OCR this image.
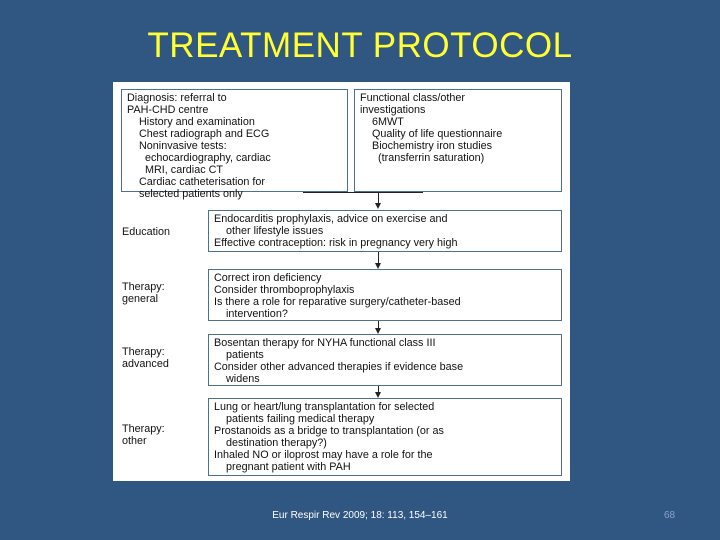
TREATMENT PROTOCOL
Diagnosis: referral to
PAH-CHD centre
History and examination
Chest radiograph and ECG
Noninvasive tests:
echocardiography, cardiac
MRI, cardiac CT
Cardiac catheterisation for
selected patients only
Functional class/other
investigations
6MWT
Quality of life questionnaire
Biochemistry iron studies
(transferrin saturation)
Education
Endocarditis prophylaxis, advice on exercise and
other lifestyle issues
Effective contraception: risk in pregnancy very high
Therapy:
general
Correct iron deficiency
Consider thromboprophylaxis
Is there a role for reparative surgery/catheter-based
intervention?
Therapy:
advanced
Bosentan therapy for NYHA functional class III
patients
Consider other advanced therapies if evidence base
widens
Therapy:
other
Lung or heart/lung transplantation for selected
patients failing medical therapy
Prostanoids as a bridge to transplantation (or as
destination therapy?)
Inhaled NO or iloprost may have a role for the
pregnant patient with PAH
Eur Respir Rev 2009; 18: 113, 154–161	68
